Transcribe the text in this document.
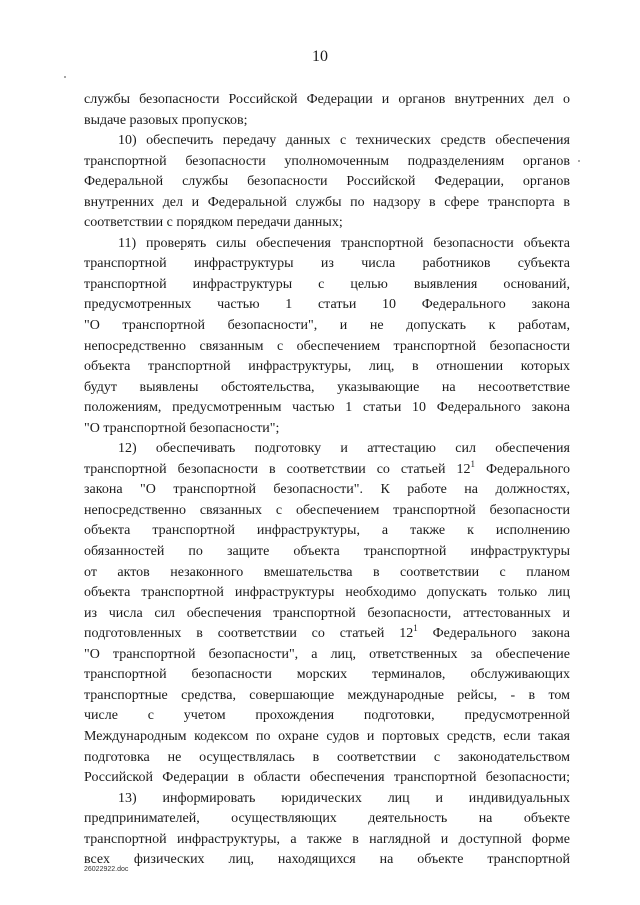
10
службы безопасности Российской Федерации и органов внутренних дел о
выдаче разовых пропусков;
10) обеспечить передачу данных с технических средств обеспечения
транспортной безопасности уполномоченным подразделениям органов
Федеральной службы безопасности Российской Федерации, органов
внутренних дел и Федеральной службы по надзору в сфере транспорта в
соответствии с порядком передачи данных;
11) проверять силы обеспечения транспортной безопасности объекта
транспортной инфраструктуры из числа работников субъекта
транспортной инфраструктуры с целью выявления оснований,
предусмотренных частью 1 статьи 10 Федерального закона
"О транспортной безопасности", и не допускать к работам,
непосредственно связанным с обеспечением транспортной безопасности
объекта транспортной инфраструктуры, лиц, в отношении которых
будут выявлены обстоятельства, указывающие на несоответствие
положениям, предусмотренным частью 1 статьи 10 Федерального закона
"О транспортной безопасности";
12) обеспечивать подготовку и аттестацию сил обеспечения
транспортной безопасности в соответствии со статьей $12^1$ Федерального
закона "О транспортной безопасности". К работе на должностях,
непосредственно связанных с обеспечением транспортной безопасности
объекта транспортной инфраструктуры, а также к исполнению
обязанностей по защите объекта транспортной инфраструктуры
от актов незаконного вмешательства в соответствии с планом
объекта транспортной инфраструктуры необходимо допускать только лиц
из числа сил обеспечения транспортной безопасности, аттестованных и
подготовленных в соответствии со статьей $12^1$ Федерального закона
"О транспортной безопасности", а лиц, ответственных за обеспечение
транспортной безопасности морских терминалов, обслуживающих
транспортные средства, совершающие международные рейсы, - в том
числе с учетом прохождения подготовки, предусмотренной
Международным кодексом по охране судов и портовых средств, если такая
подготовка не осуществлялась в соответствии с законодательством
Российской Федерации в области обеспечения транспортной безопасности;
13) информировать юридических лиц и индивидуальных
предпринимателей, осуществляющих деятельность на объекте
транспортной инфраструктуры, а также в наглядной и доступной форме
всех физических лиц, находящихся на объекте транспортной
26022922.doc
